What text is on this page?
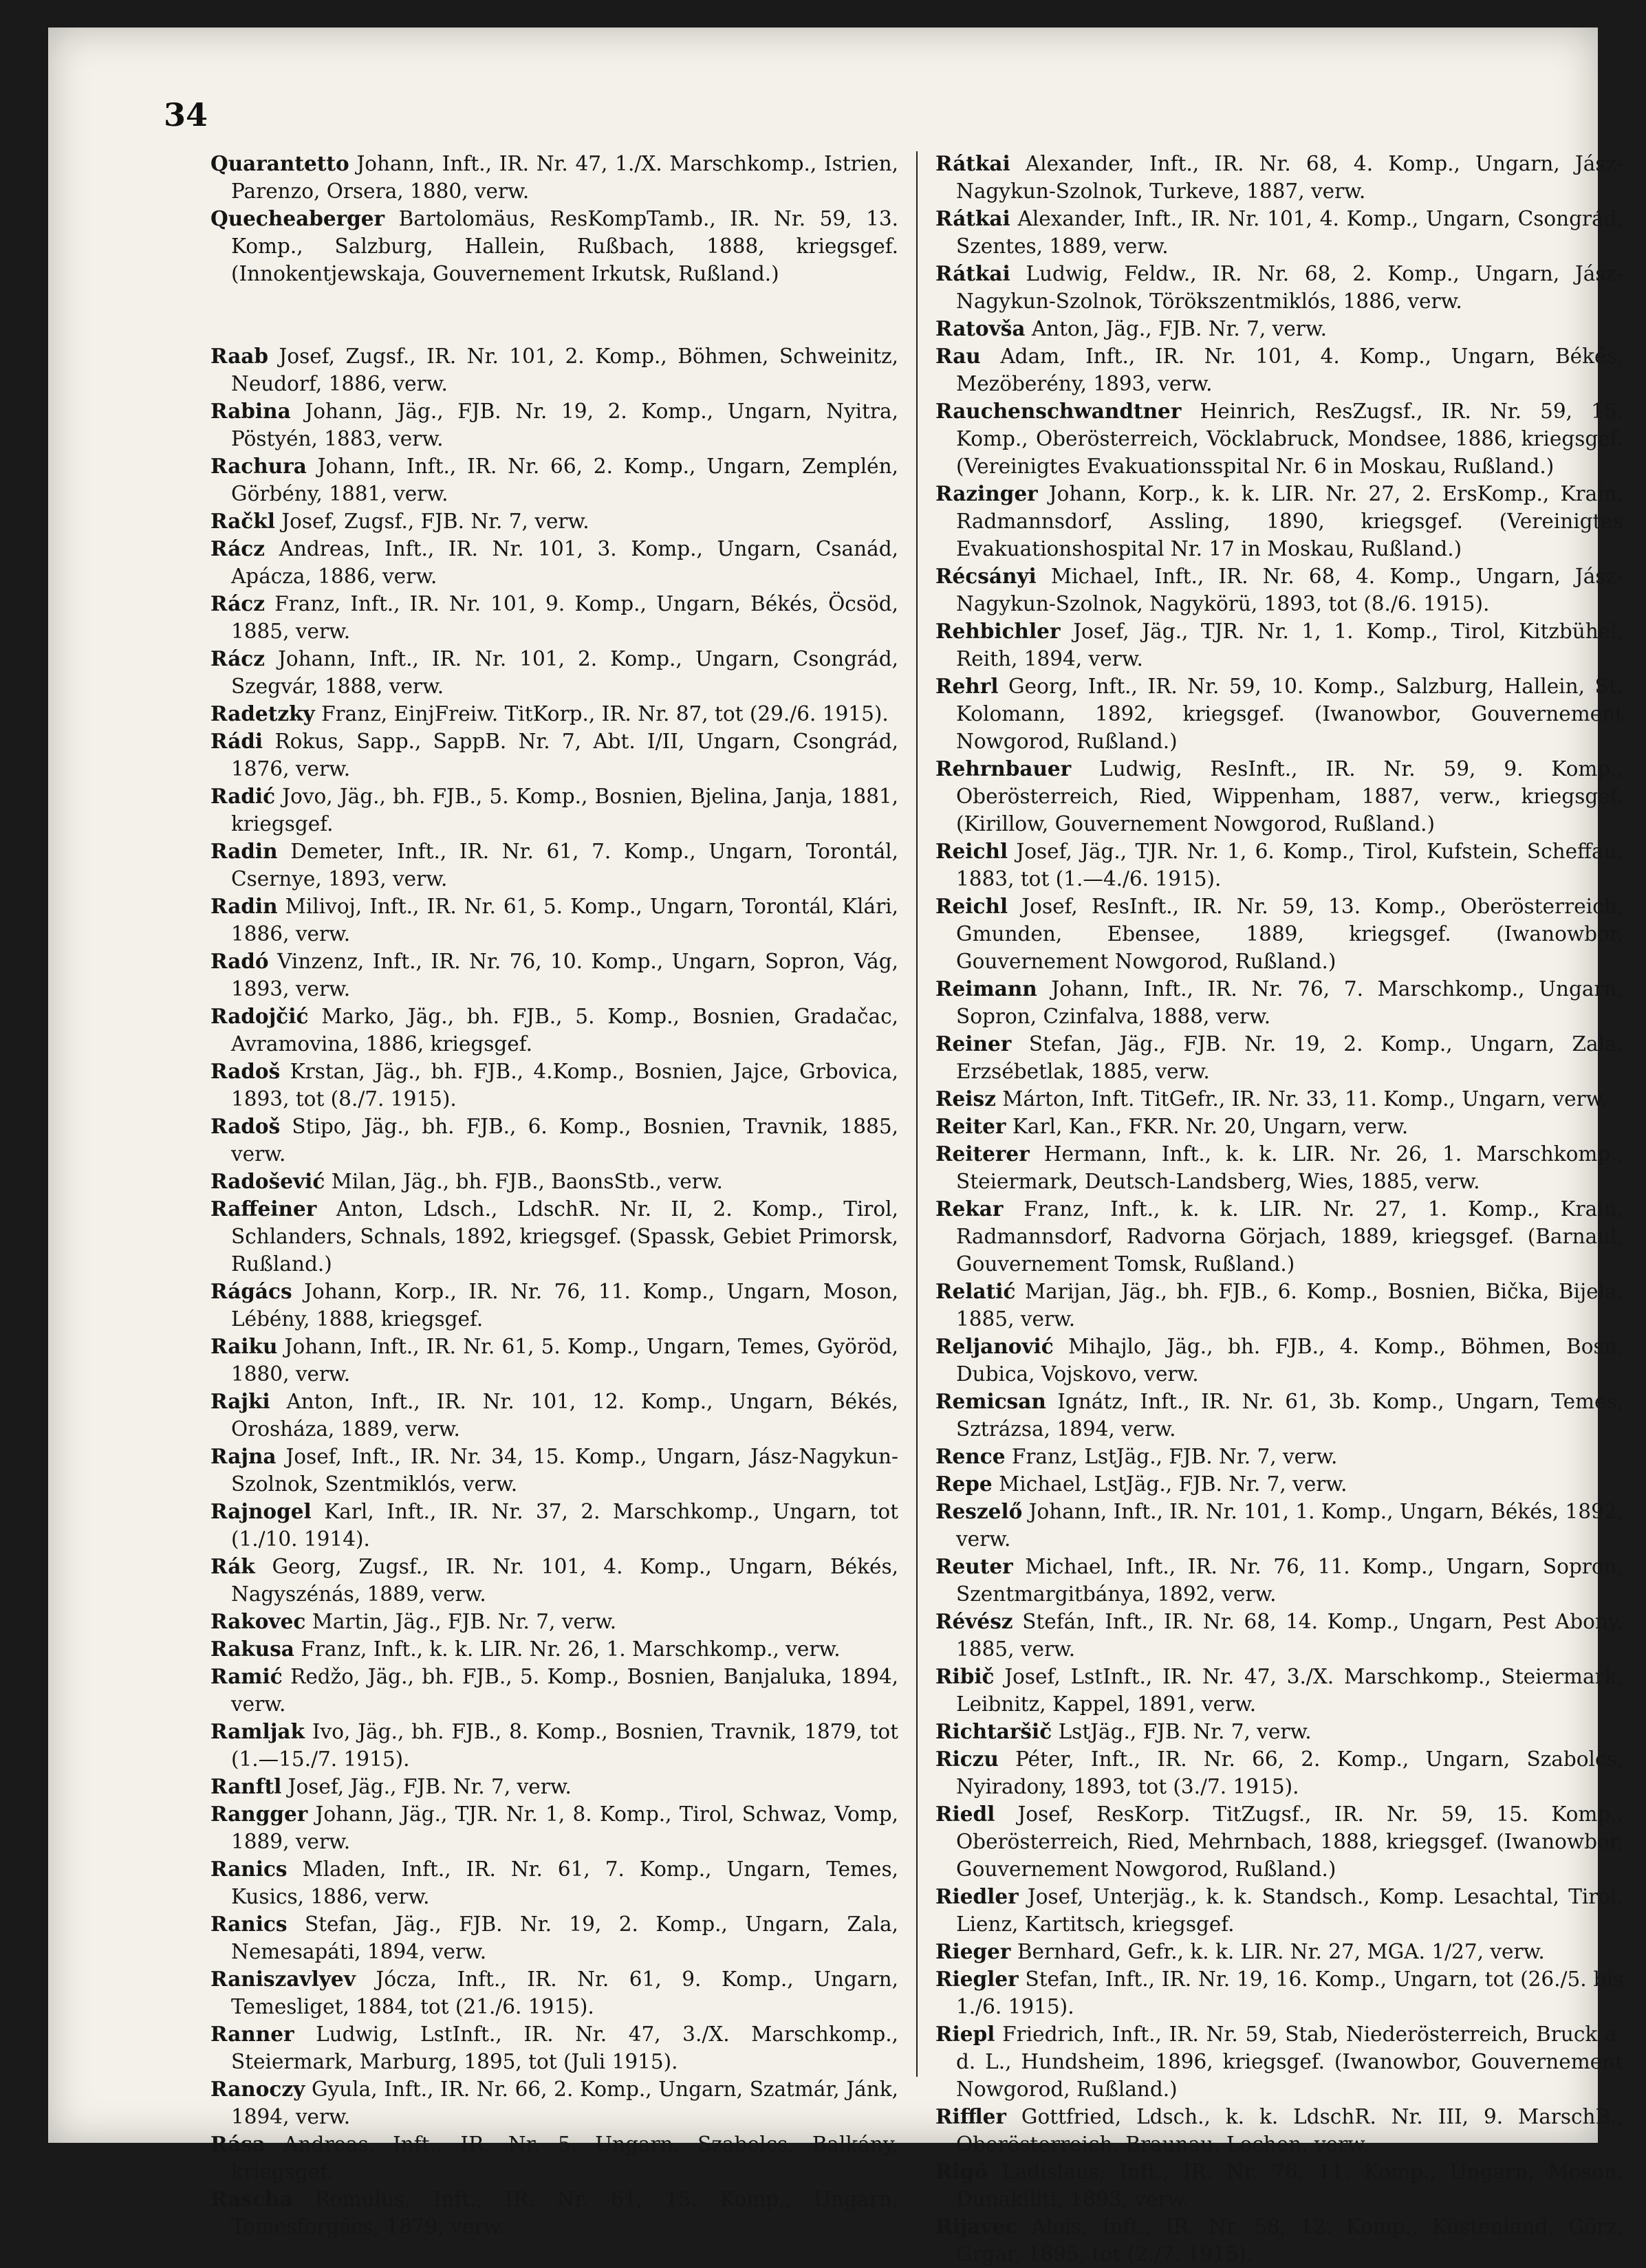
34
Quarantetto Johann, Inft., IR. Nr. 47, 1./X. Marschkomp., Istrien, Parenzo, Orsera, 1880, verw.
Quecheaberger Bartolomäus, ResKompTamb., IR. Nr. 59, 13. Komp., Salzburg, Hallein, Rußbach, 1888, kriegsgef. (Innokentjewskaja, Gouvernement Irkutsk, Rußland.)
Raab Josef, Zugsf., IR. Nr. 101, 2. Komp., Böhmen, Schweinitz, Neudorf, 1886, verw.
Rabina Johann, Jäg., FJB. Nr. 19, 2. Komp., Ungarn, Nyitra, Pöstyén, 1883, verw.
Rachura Johann, Inft., IR. Nr. 66, 2. Komp., Ungarn, Zemplén, Görbény, 1881, verw.
Račkl Josef, Zugsf., FJB. Nr. 7, verw.
Rácz Andreas, Inft., IR. Nr. 101, 3. Komp., Ungarn, Csanád, Apácza, 1886, verw.
Rácz Franz, Inft., IR. Nr. 101, 9. Komp., Ungarn, Békés, Öcsöd, 1885, verw.
Rácz Johann, Inft., IR. Nr. 101, 2. Komp., Ungarn, Csongrád, Szegvár, 1888, verw.
Radetzky Franz, EinjFreiw. TitKorp., IR. Nr. 87, tot (29./6. 1915).
Rádi Rokus, Sapp., SappB. Nr. 7, Abt. I/II, Ungarn, Csongrád, 1876, verw.
Radić Jovo, Jäg., bh. FJB., 5. Komp., Bosnien, Bjelina, Janja, 1881, kriegsgef.
Radin Demeter, Inft., IR. Nr. 61, 7. Komp., Ungarn, Torontál, Csernye, 1893, verw.
Radin Milivoj, Inft., IR. Nr. 61, 5. Komp., Ungarn, Torontál, Klári, 1886, verw.
Radó Vinzenz, Inft., IR. Nr. 76, 10. Komp., Ungarn, Sopron, Vág, 1893, verw.
Radojčić Marko, Jäg., bh. FJB., 5. Komp., Bosnien, Gradačac, Avramovina, 1886, kriegsgef.
Radoš Krstan, Jäg., bh. FJB., 4.Komp., Bosnien, Jajce, Grbovica, 1893, tot (8./7. 1915).
Radoš Stipo, Jäg., bh. FJB., 6. Komp., Bosnien, Travnik, 1885, verw.
Radošević Milan, Jäg., bh. FJB., BaonsStb., verw.
Raffeiner Anton, Ldsch., LdschR. Nr. II, 2. Komp., Tirol, Schlanders, Schnals, 1892, kriegsgef. (Spassk, Gebiet Primorsk, Rußland.)
Rágács Johann, Korp., IR. Nr. 76, 11. Komp., Ungarn, Moson, Lébény, 1888, kriegsgef.
Raiku Johann, Inft., IR. Nr. 61, 5. Komp., Ungarn, Temes, Györöd, 1880, verw.
Rajki Anton, Inft., IR. Nr. 101, 12. Komp., Ungarn, Békés, Orosháza, 1889, verw.
Rajna Josef, Inft., IR. Nr. 34, 15. Komp., Ungarn, Jász-Nagykun-Szolnok, Szentmiklós, verw.
Rajnogel Karl, Inft., IR. Nr. 37, 2. Marschkomp., Ungarn, tot (1./10. 1914).
Rák Georg, Zugsf., IR. Nr. 101, 4. Komp., Ungarn, Békés, Nagyszénás, 1889, verw.
Rakovec Martin, Jäg., FJB. Nr. 7, verw.
Rakusa Franz, Inft., k. k. LIR. Nr. 26, 1. Marschkomp., verw.
Ramić Redžo, Jäg., bh. FJB., 5. Komp., Bosnien, Banjaluka, 1894, verw.
Ramljak Ivo, Jäg., bh. FJB., 8. Komp., Bosnien, Travnik, 1879, tot (1.—15./7. 1915).
Ranftl Josef, Jäg., FJB. Nr. 7, verw.
Rangger Johann, Jäg., TJR. Nr. 1, 8. Komp., Tirol, Schwaz, Vomp, 1889, verw.
Ranics Mladen, Inft., IR. Nr. 61, 7. Komp., Ungarn, Temes, Kusics, 1886, verw.
Ranics Stefan, Jäg., FJB. Nr. 19, 2. Komp., Ungarn, Zala, Nemesapáti, 1894, verw.
Raniszavlyev Jócza, Inft., IR. Nr. 61, 9. Komp., Ungarn, Temesliget, 1884, tot (21./6. 1915).
Ranner Ludwig, LstInft., IR. Nr. 47, 3./X. Marschkomp., Steiermark, Marburg, 1895, tot (Juli 1915).
Ranoczy Gyula, Inft., IR. Nr. 66, 2. Komp., Ungarn, Szatmár, Jánk, 1894, verw.
Rása Andreas, Inft., IR. Nr. 5, Ungarn, Szabolcs, Balkány, kriegsgef.
Rascha Romulus, Inft., IR. Nr. 61, 15. Komp., Ungarn, Temesforgács, 1879, verw.
Rátkai Alexander, Inft., IR. Nr. 68, 4. Komp., Ungarn, Jász-Nagykun-Szolnok, Turkeve, 1887, verw.
Rátkai Alexander, Inft., IR. Nr. 101, 4. Komp., Ungarn, Csongrád, Szentes, 1889, verw.
Rátkai Ludwig, Feldw., IR. Nr. 68, 2. Komp., Ungarn, Jász-Nagykun-Szolnok, Törökszentmiklós, 1886, verw.
Ratovša Anton, Jäg., FJB. Nr. 7, verw.
Rau Adam, Inft., IR. Nr. 101, 4. Komp., Ungarn, Békés, Mezöberény, 1893, verw.
Rauchenschwandtner Heinrich, ResZugsf., IR. Nr. 59, 15. Komp., Oberösterreich, Vöcklabruck, Mondsee, 1886, kriegsgef. (Vereinigtes Evakuationsspital Nr. 6 in Moskau, Rußland.)
Razinger Johann, Korp., k. k. LIR. Nr. 27, 2. ErsKomp., Krain, Radmannsdorf, Assling, 1890, kriegsgef. (Vereinigtes Evakuationshospital Nr. 17 in Moskau, Rußland.)
Récsányi Michael, Inft., IR. Nr. 68, 4. Komp., Ungarn, Jász-Nagykun-Szolnok, Nagykörü, 1893, tot (8./6. 1915).
Rehbichler Josef, Jäg., TJR. Nr. 1, 1. Komp., Tirol, Kitzbühel, Reith, 1894, verw.
Rehrl Georg, Inft., IR. Nr. 59, 10. Komp., Salzburg, Hallein, St. Kolomann, 1892, kriegsgef. (Iwanowbor, Gouvernement Nowgorod, Rußland.)
Rehrnbauer Ludwig, ResInft., IR. Nr. 59, 9. Komp., Oberösterreich, Ried, Wippenham, 1887, verw., kriegsgef. (Kirillow, Gouvernement Nowgorod, Rußland.)
Reichl Josef, Jäg., TJR. Nr. 1, 6. Komp., Tirol, Kufstein, Scheffau, 1883, tot (1.—4./6. 1915).
Reichl Josef, ResInft., IR. Nr. 59, 13. Komp., Oberösterreich, Gmunden, Ebensee, 1889, kriegsgef. (Iwanowbor, Gouvernement Nowgorod, Rußland.)
Reimann Johann, Inft., IR. Nr. 76, 7. Marschkomp., Ungarn, Sopron, Czinfalva, 1888, verw.
Reiner Stefan, Jäg., FJB. Nr. 19, 2. Komp., Ungarn, Zala, Erzsébetlak, 1885, verw.
Reisz Márton, Inft. TitGefr., IR. Nr. 33, 11. Komp., Ungarn, verw.
Reiter Karl, Kan., FKR. Nr. 20, Ungarn, verw.
Reiterer Hermann, Inft., k. k. LIR. Nr. 26, 1. Marschkomp., Steiermark, Deutsch-Landsberg, Wies, 1885, verw.
Rekar Franz, Inft., k. k. LIR. Nr. 27, 1. Komp., Krain, Radmannsdorf, Radvorna Görjach, 1889, kriegsgef. (Barnaul, Gouvernement Tomsk, Rußland.)
Relatić Marijan, Jäg., bh. FJB., 6. Komp., Bosnien, Bička, Bijela, 1885, verw.
Reljanović Mihajlo, Jäg., bh. FJB., 4. Komp., Böhmen, Bosn. Dubica, Vojskovo, verw.
Remicsan Ignátz, Inft., IR. Nr. 61, 3b. Komp., Ungarn, Temes, Sztrázsa, 1894, verw.
Rence Franz, LstJäg., FJB. Nr. 7, verw.
Repe Michael, LstJäg., FJB. Nr. 7, verw.
Reszelő Johann, Inft., IR. Nr. 101, 1. Komp., Ungarn, Békés, 1892, verw.
Reuter Michael, Inft., IR. Nr. 76, 11. Komp., Ungarn, Sopron, Szentmargitbánya, 1892, verw.
Révész Stefán, Inft., IR. Nr. 68, 14. Komp., Ungarn, Pest Abony, 1885, verw.
Ribič Josef, LstInft., IR. Nr. 47, 3./X. Marschkomp., Steiermark, Leibnitz, Kappel, 1891, verw.
Richtaršič LstJäg., FJB. Nr. 7, verw.
Riczu Péter, Inft., IR. Nr. 66, 2. Komp., Ungarn, Szabolcs, Nyiradony, 1893, tot (3./7. 1915).
Riedl Josef, ResKorp. TitZugsf., IR. Nr. 59, 15. Komp., Oberösterreich, Ried, Mehrnbach, 1888, kriegsgef. (Iwanowbor, Gouvernement Nowgorod, Rußland.)
Riedler Josef, Unterjäg., k. k. Standsch., Komp. Lesachtal, Tirol, Lienz, Kartitsch, kriegsgef.
Rieger Bernhard, Gefr., k. k. LIR. Nr. 27, MGA. 1/27, verw.
Riegler Stefan, Inft., IR. Nr. 19, 16. Komp., Ungarn, tot (26./5. bis 1./6. 1915).
Riepl Friedrich, Inft., IR. Nr. 59, Stab, Niederösterreich, Bruck a. d. L., Hundsheim, 1896, kriegsgef. (Iwanowbor, Gouvernement Nowgorod, Rußland.)
Riffler Gottfried, Ldsch., k. k. LdschR. Nr. III, 9. MarschB., Oberösterreich, Braunau, Lochen, verw.
Rigó Ladislaus, Inft., IR. Nr. 76, 11. Komp., Ungarn, Moson, Dunakiliti, 1893, verw.
Rijavec Alois, Inft., IR. Nr. 58, 12. Komp., Küstenland, Görz, Grgar, 1895, tot (2./7. 1915).
